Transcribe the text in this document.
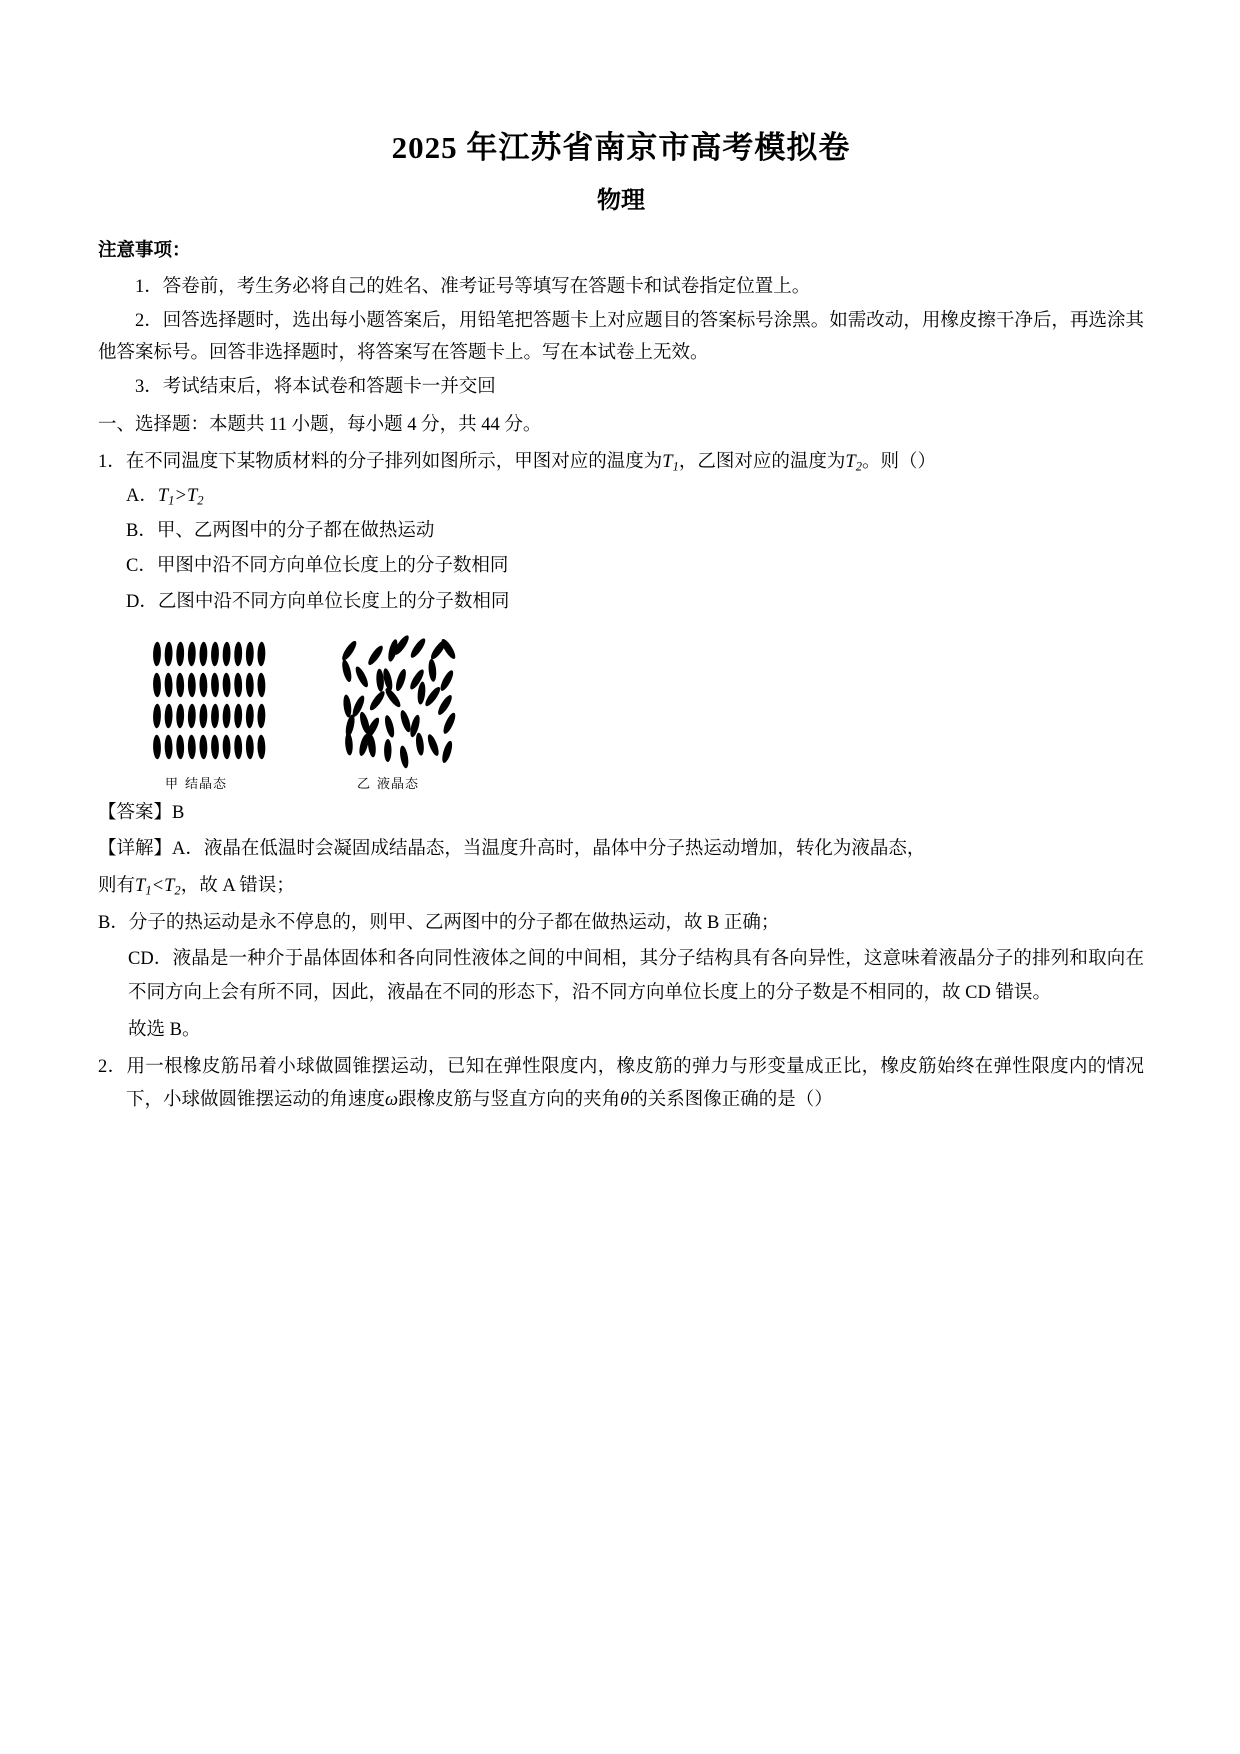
2025 年江苏省南京市高考模拟卷
物理
注意事项：

1．答卷前，考生务必将自己的姓名、准考证号等填写在答题卡和试卷指定位置上。

2．回答选择题时，选出每小题答案后，用铅笔把答题卡上对应题目的答案标号涂黑。如需改动，用橡皮擦干净后，再选涂其他答案标号。回答非选择题时，将答案写在答题卡上。写在本试卷上无效。

3．考试结束后，将本试卷和答题卡一并交回

一、选择题：本题共 11 小题，每小题 4 分，共 44 分。
1．在不同温度下某物质材料的分子排列如图所示，甲图对应的温度为$T_1$，乙图对应的温度为$T_2$。则（）
A．$T_1>T_2$
B．甲、乙两图中的分子都在做热运动
C．甲图中沿不同方向单位长度上的分子数相同
D．乙图中沿不同方向单位长度上的分子数相同
甲 结晶态	乙 液晶态
【答案】B
【详解】A．液晶在低温时会凝固成结晶态，当温度升高时，晶体中分子热运动增加，转化为液晶态，
则有$T_1<T_2$，故 A 错误；
B．分子的热运动是永不停息的，则甲、乙两图中的分子都在做热运动，故 B 正确；
CD．液晶是一种介于晶体固体和各向同性液体之间的中间相，其分子结构具有各向异性，这意味着液晶分子的排列和取向在不同方向上会有所不同，因此，液晶在不同的形态下，沿不同方向单位长度上的分子数是不相同的，故 CD 错误。
故选 B。
2．用一根橡皮筋吊着小球做圆锥摆运动，已知在弹性限度内，橡皮筋的弹力与形变量成正比，橡皮筋始终在弹性限度内的情况下，小球做圆锥摆运动的角速度ω跟橡皮筋与竖直方向的夹角θ的关系图像正确的是（）
